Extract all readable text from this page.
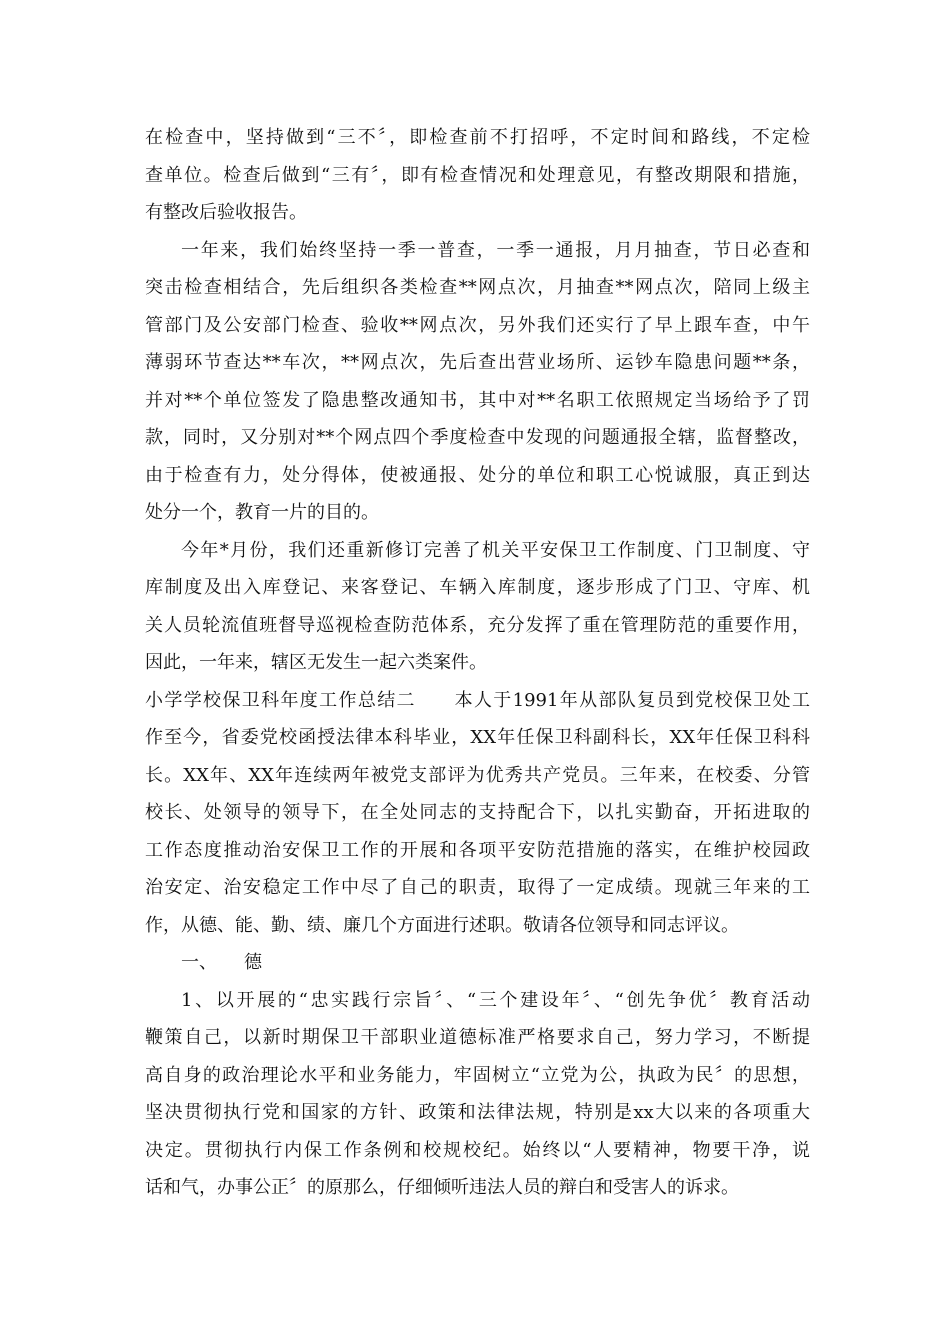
在检查中，坚持做到“三不〞，即检查前不打招呼，不定时间和路线，不定检
查单位。检查后做到“三有〞，即有检查情况和处理意见，有整改期限和措施，
有整改后验收报告。
一年来，我们始终坚持一季一普查，一季一通报，月月抽查，节日必查和
突击检查相结合，先后组织各类检查**网点次，月抽查**网点次，陪同上级主
管部门及公安部门检查、验收**网点次，另外我们还实行了早上跟车查，中午
薄弱环节查达**车次，**网点次，先后查出营业场所、运钞车隐患问题**条，
并对**个单位签发了隐患整改通知书，其中对**名职工依照规定当场给予了罚
款，同时，又分别对**个网点四个季度检查中发现的问题通报全辖，监督整改，
由于检查有力，处分得体，使被通报、处分的单位和职工心悦诚服，真正到达
处分一个，教育一片的目的。
今年*月份，我们还重新修订完善了机关平安保卫工作制度、门卫制度、守
库制度及出入库登记、来客登记、车辆入库制度，逐步形成了门卫、守库、机
关人员轮流值班督导巡视检查防范体系，充分发挥了重在管理防范的重要作用，
因此，一年来，辖区无发生一起六类案件。
小学学校保卫科年度工作总结二　　本人于1991年从部队复员到党校保卫处工
作至今，省委党校函授法律本科毕业，XX年任保卫科副科长，XX年任保卫科科
长。XX年、XX年连续两年被党支部评为优秀共产党员。三年来，在校委、分管
校长、处领导的领导下，在全处同志的支持配合下，以扎实勤奋，开拓进取的
工作态度推动治安保卫工作的开展和各项平安防范措施的落实，在维护校园政
治安定、治安稳定工作中尽了自己的职责，取得了一定成绩。现就三年来的工
作，从德、能、勤、绩、廉几个方面进行述职。敬请各位领导和同志评议。
一、 德
1、以开展的“忠实践行宗旨〞、“三个建设年〞、“创先争优〞教育活动
鞭策自己，以新时期保卫干部职业道德标准严格要求自己，努力学习，不断提
高自身的政治理论水平和业务能力，牢固树立“立党为公，执政为民〞的思想，
坚决贯彻执行党和国家的方针、政策和法律法规，特别是xx大以来的各项重大
决定。贯彻执行内保工作条例和校规校纪。始终以“人要精神，物要干净，说
话和气，办事公正〞的原那么，仔细倾听违法人员的辩白和受害人的诉求。
